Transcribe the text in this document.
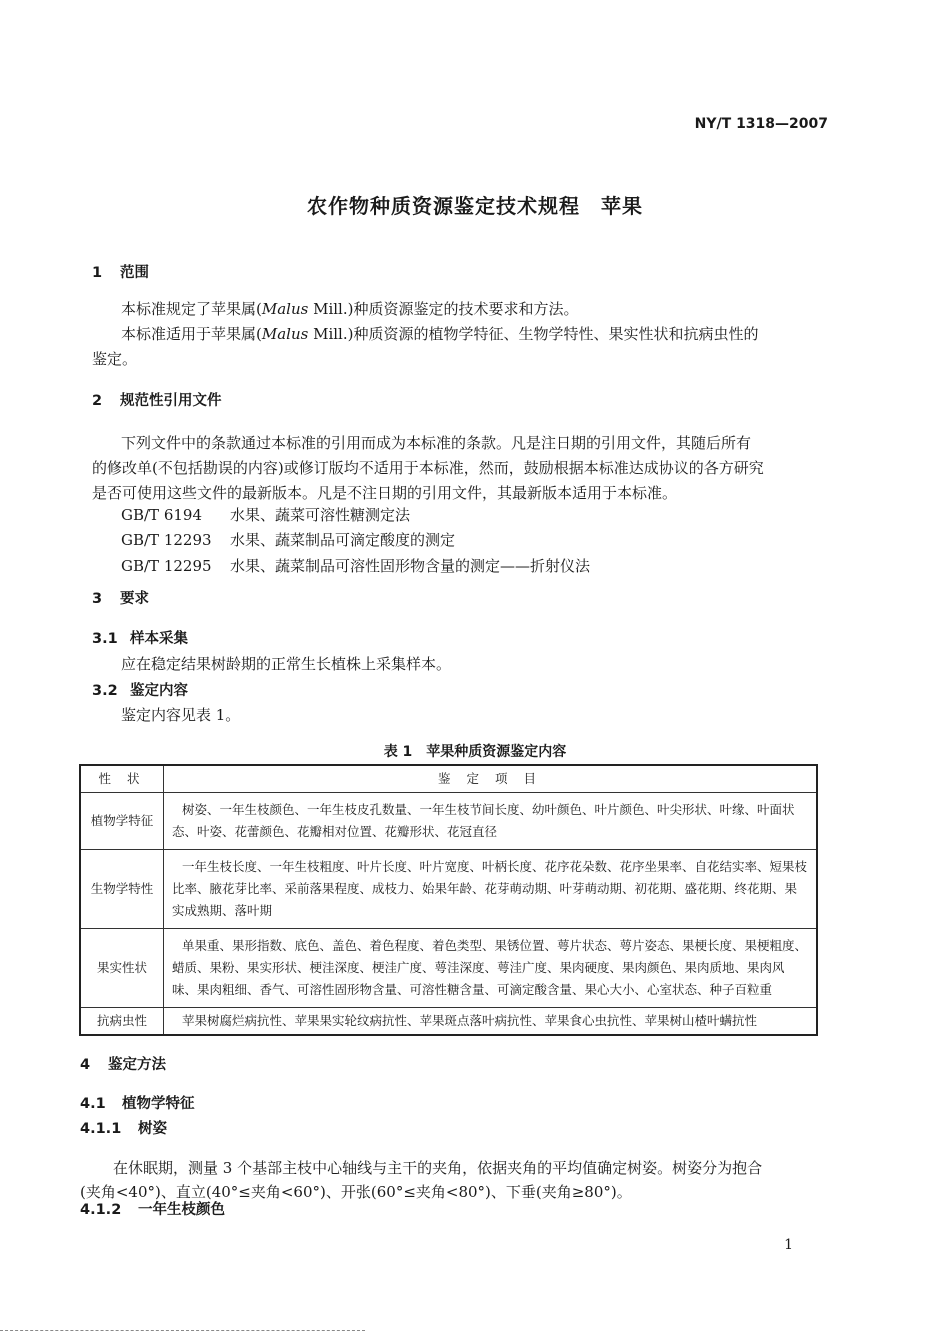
NY/T 1318—2007
农作物种质资源鉴定技术规程　苹果
1 范围
本标准规定了苹果属(Malus Mill.)种质资源鉴定的技术要求和方法。
本标准适用于苹果属(Malus Mill.)种质资源的植物学特征、生物学特性、果实性状和抗病虫性的
鉴定。
2 规范性引用文件
下列文件中的条款通过本标准的引用而成为本标准的条款。凡是注日期的引用文件，其随后所有
的修改单(不包括勘误的内容)或修订版均不适用于本标准，然而，鼓励根据本标准达成协议的各方研究
是否可使用这些文件的最新版本。凡是不注日期的引用文件，其最新版本适用于本标准。
GB/T 6194 水果、蔬菜可溶性糖测定法
GB/T 12293 水果、蔬菜制品可滴定酸度的测定
GB/T 12295 水果、蔬菜制品可溶性固形物含量的测定——折射仪法
3 要求
3.1 样本采集
应在稳定结果树龄期的正常生长植株上采集样本。
3.2 鉴定内容
鉴定内容见表 1。
表 1　苹果种质资源鉴定内容
性 状	鉴 定 项 目
植物学特征	树姿、一年生枝颜色、一年生枝皮孔数量、一年生枝节间长度、幼叶颜色、叶片颜色、叶尖形状、叶缘、叶面状态、叶姿、花蕾颜色、花瓣相对位置、花瓣形状、花冠直径
生物学特性	一年生枝长度、一年生枝粗度、叶片长度、叶片宽度、叶柄长度、花序花朵数、花序坐果率、自花结实率、短果枝比率、腋花芽比率、采前落果程度、成枝力、始果年龄、花芽萌动期、叶芽萌动期、初花期、盛花期、终花期、果实成熟期、落叶期
果实性状	单果重、果形指数、底色、盖色、着色程度、着色类型、果锈位置、萼片状态、萼片姿态、果梗长度、果梗粗度、蜡质、果粉、果实形状、梗洼深度、梗洼广度、萼洼深度、萼洼广度、果肉硬度、果肉颜色、果肉质地、果肉风味、果肉粗细、香气、可溶性固形物含量、可溶性糖含量、可滴定酸含量、果心大小、心室状态、种子百粒重
抗病虫性	苹果树腐烂病抗性、苹果果实轮纹病抗性、苹果斑点落叶病抗性、苹果食心虫抗性、苹果树山楂叶螨抗性
4 鉴定方法
4.1 植物学特征
4.1.1 树姿
在休眠期，测量 3 个基部主枝中心轴线与主干的夹角，依据夹角的平均值确定树姿。树姿分为抱合
(夹角<40°)、直立(40°≤夹角<60°)、开张(60°≤夹角<80°)、下垂(夹角≥80°)。
4.1.2 一年生枝颜色
1
